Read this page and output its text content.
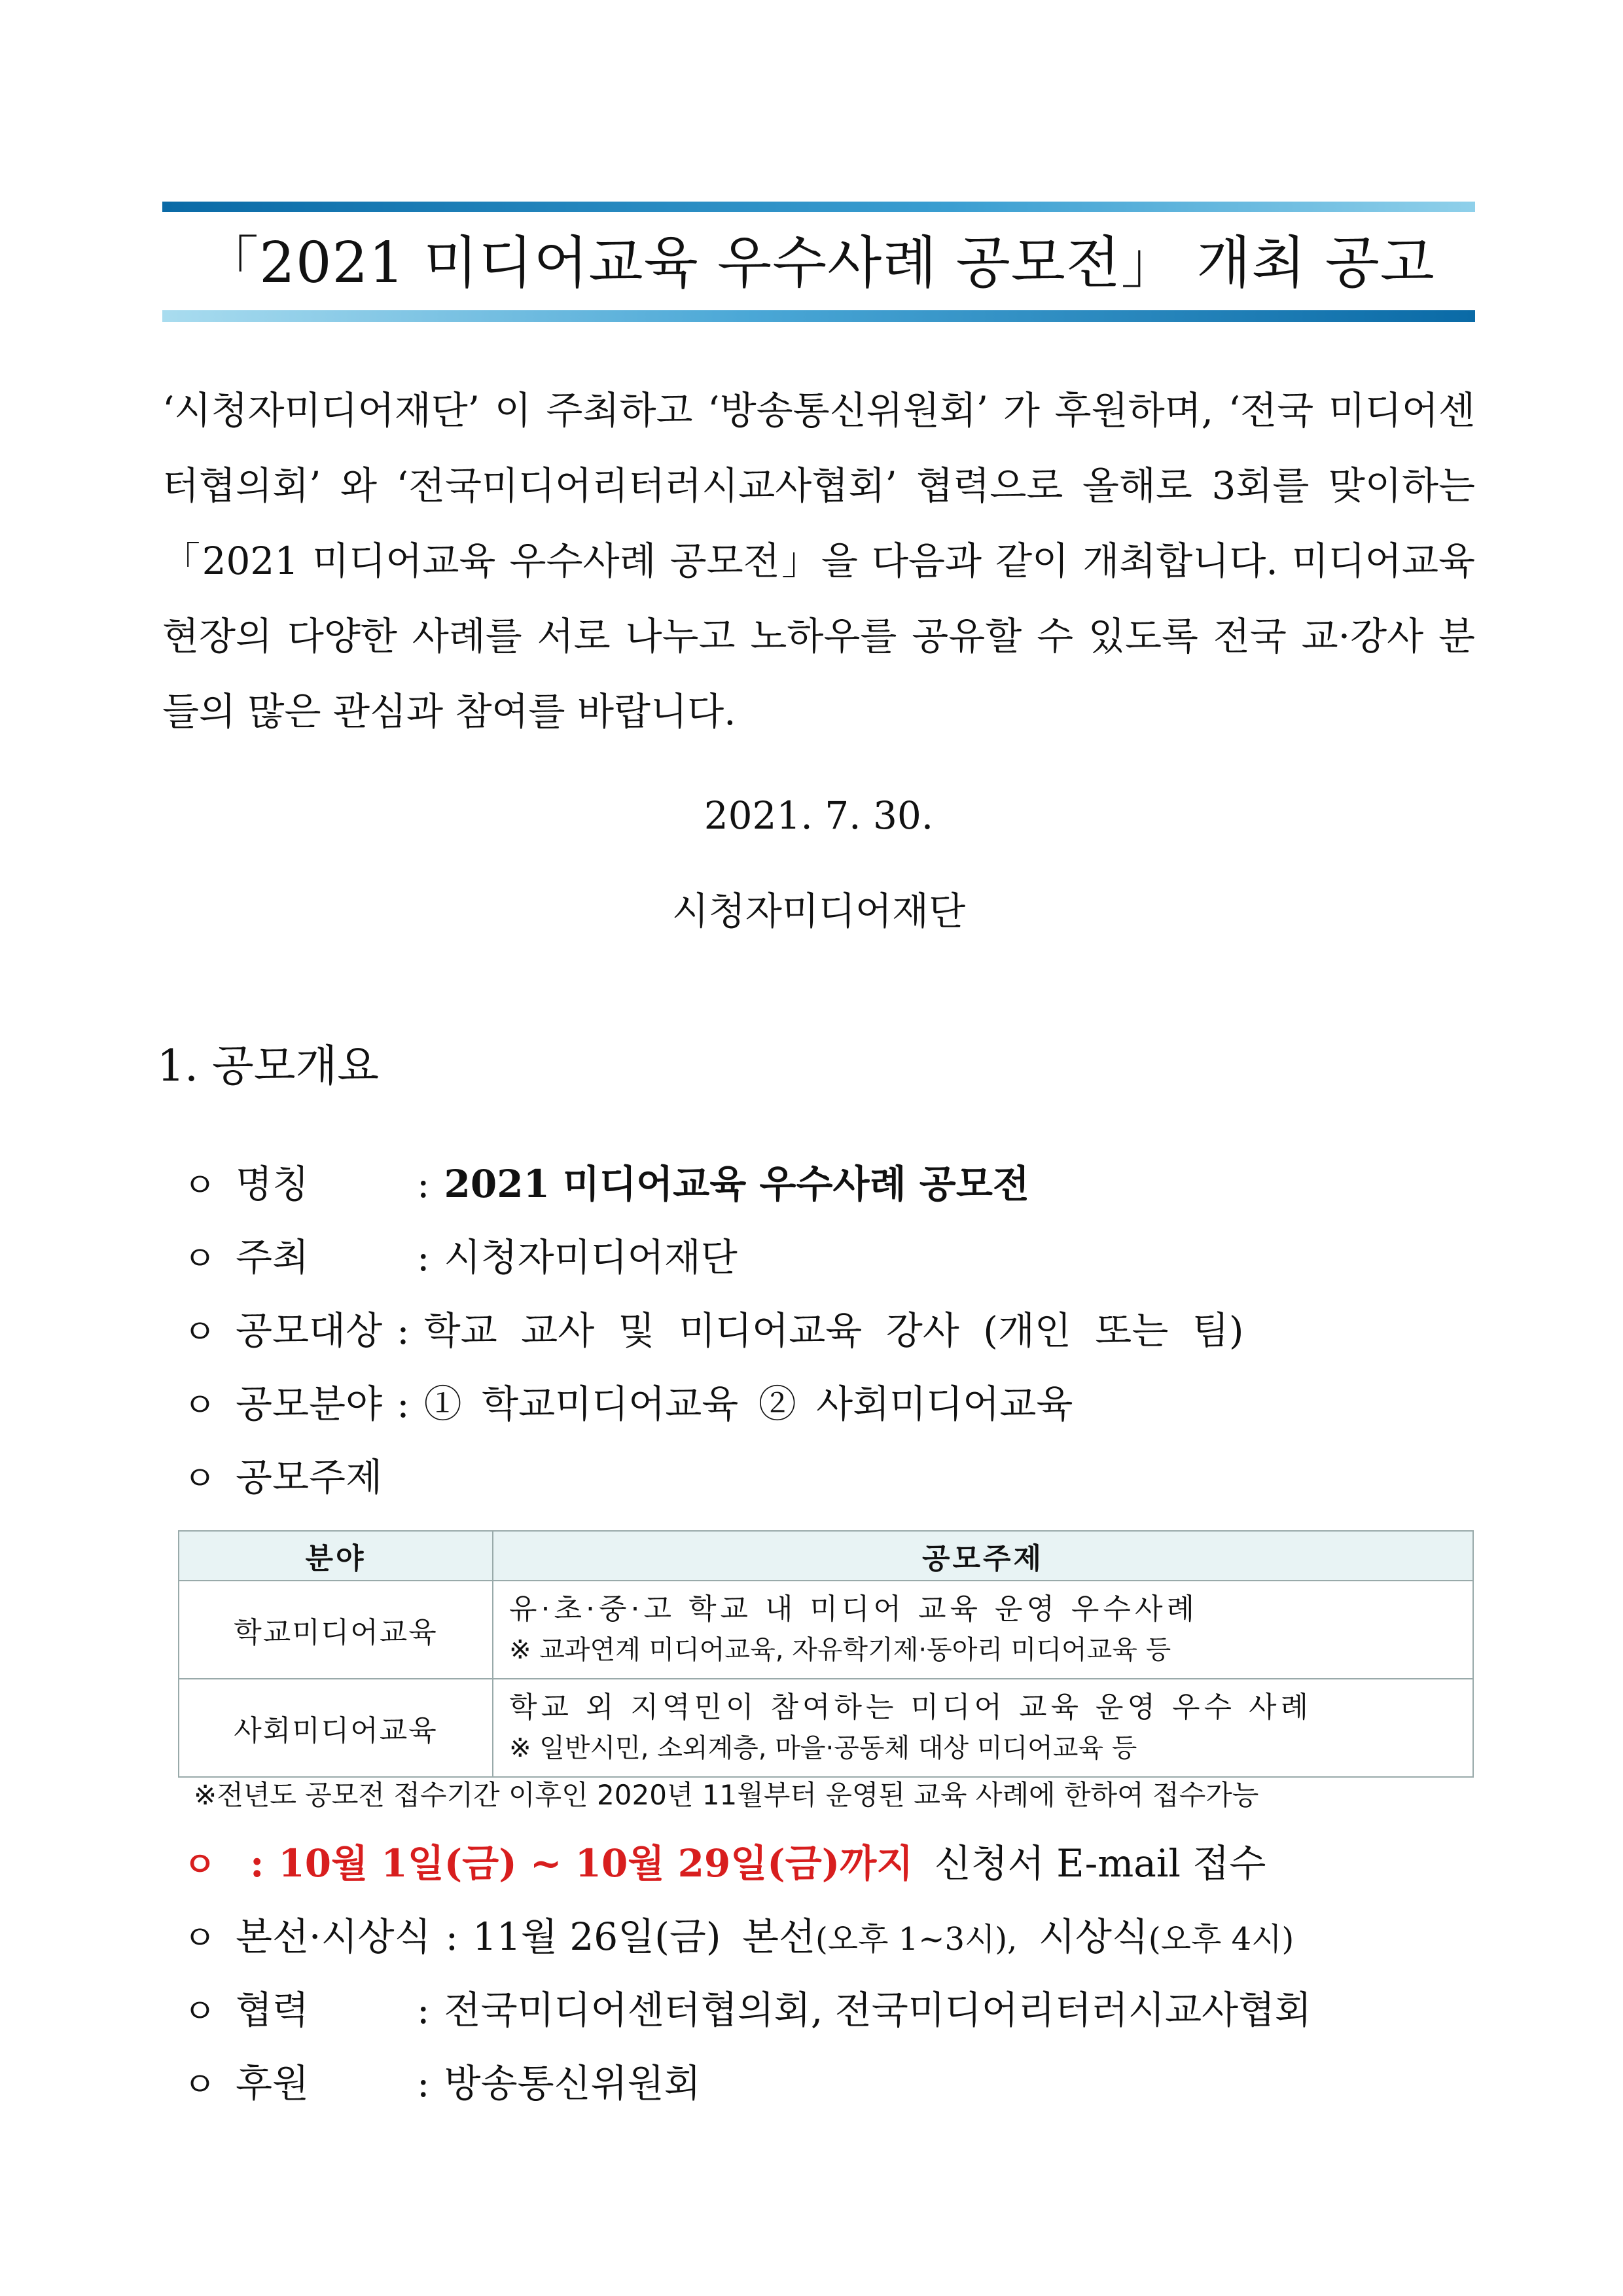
「2021 미디어교육 우수사례 공모전」 개최 공고

‘시청자미디어재단’ 이 주최하고 ‘방송통신위원회’ 가 후원하며, ‘전국 미디어센터협의회’ 와 ‘전국미디어리터러시교사협회’ 협력으로 올해로 3회를 맞이하는「2021 미디어교육 우수사례 공모전」을 다음과 같이 개최합니다. 미디어교육 현장의 다양한 사례를 서로 나누고 노하우를 공유할 수 있도록 전국 교·강사 분들의 많은 관심과 참여를 바랍니다.

2021. 7. 30.
시청자미디어재단
1. 공모개요
ㅇ 명칭	: 2021 미디어교육 우수사례 공모전
ㅇ 주최	: 시청자미디어재단
ㅇ 공모대상 : 학교 교사 및 미디어교육 강사 (개인 또는 팀)
ㅇ 공모분야 : ① 학교미디어교육 ② 사회미디어교육
ㅇ 공모주제
분야	공모주제
학교미디어교육	유·초·중·고 학교 내 미디어 교육 운영 우수사례
※ 교과연계 미디어교육, 자유학기제·동아리 미디어교육 등

사회미디어교육	학교 외 지역민이 참여하는 미디어 교육 운영 우수 사례
※ 일반시민, 소외계층, 마을·공동체 대상 미디어교육 등
※전년도 공모전 접수기간 이후인 2020년 11월부터 운영된 교육 사례에 한하여 접수가능
ㅇ : 10월 1일(금) ~ 10월 29일(금)까지 신청서 E-mail 접수
ㅇ 본선·시상식 : 11월 26일(금) 본선(오후 1~3시), 시상식(오후 4시)
ㅇ 협력	: 전국미디어센터협의회, 전국미디어리터러시교사협회
ㅇ 후원	: 방송통신위원회
